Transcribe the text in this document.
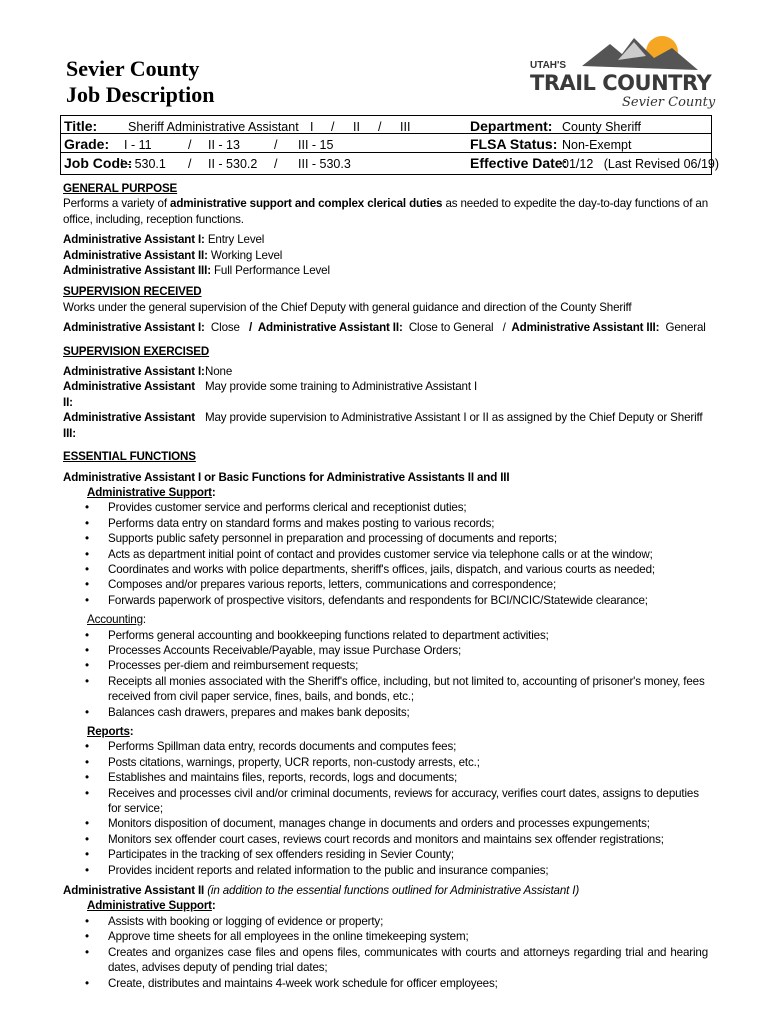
Sevier County
Job Description
UTAH'S
TRAIL COUNTRY
Sevier County
Title: Sheriff Administrative Assistant I / II / III
Grade: I - 11	/ II - 13	/ III - 15
Job Code:
I - 530.1 / II - 530.2 / III - 530.3
Department: County Sheriff
FLSA Status: Non-Exempt
Effective Date:
01/12   (Last Revised 06/19)
GENERAL PURPOSE

Performs a variety of administrative support and complex clerical duties as needed to expedite the day-to-day functions of an office, including, reception functions.

Administrative Assistant I: Entry Level

Administrative Assistant II: Working Level

Administrative Assistant III: Full Performance Level

SUPERVISION RECEIVED

Works under the general supervision of the Chief Deputy with general guidance and direction of the County Sheriff

Administrative Assistant I:  Close   /  Administrative Assistant II:  Close to General   /  Administrative Assistant III:  General

SUPERVISION EXERCISED
Administrative Assistant I: None
Administrative Assistant II:
May provide some training to Administrative Assistant I
Administrative Assistant III:
May provide supervision to Administrative Assistant I or II as assigned by the Chief Deputy or Sheriff
ESSENTIAL FUNCTIONS

Administrative Assistant I or Basic Functions for Administrative Assistants II and III

Administrative Support:

• Provides customer service and performs clerical and receptionist duties;
• Performs data entry on standard forms and makes posting to various records;
• Supports public safety personnel in preparation and processing of documents and reports;
• Acts as department initial point of contact and provides customer service via telephone calls or at the window;
• Coordinates and works with police departments, sheriff's offices, jails, dispatch, and various courts as needed;
• Composes and/or prepares various reports, letters, communications and correspondence;
• Forwards paperwork of prospective visitors, defendants and respondents for BCI/NCIC/Statewide clearance;

Accounting:

• Performs general accounting and bookkeeping functions related to department activities;
• Processes Accounts Receivable/Payable, may issue Purchase Orders;
• Processes per-diem and reimbursement requests;
• Receipts all monies associated with the Sheriff's office, including, but not limited to, accounting of prisoner's money, fees received from civil paper service, fines, bails, and bonds, etc.;
• Balances cash drawers, prepares and makes bank deposits;

Reports:

• Performs Spillman data entry, records documents and computes fees;
• Posts citations, warnings, property, UCR reports, non-custody arrests, etc.;
• Establishes and maintains files, reports, records, logs and documents;
• Receives and processes civil and/or criminal documents, reviews for accuracy, verifies court dates, assigns to deputies for service;
• Monitors disposition of document, manages change in documents and orders and processes expungements;
• Monitors sex offender court cases, reviews court records and monitors and maintains sex offender registrations;
• Participates in the tracking of sex offenders residing in Sevier County;
• Provides incident reports and related information to the public and insurance companies;

Administrative Assistant II (in addition to the essential functions outlined for Administrative Assistant I)

Administrative Support:

• Assists with booking or logging of evidence or property;
• Approve time sheets for all employees in the online timekeeping system;
• Creates and organizes case files and opens files, communicates with courts and attorneys regarding trial and hearing dates, advises deputy of pending trial dates;
• Create, distributes and maintains 4-week work schedule for officer employees;
